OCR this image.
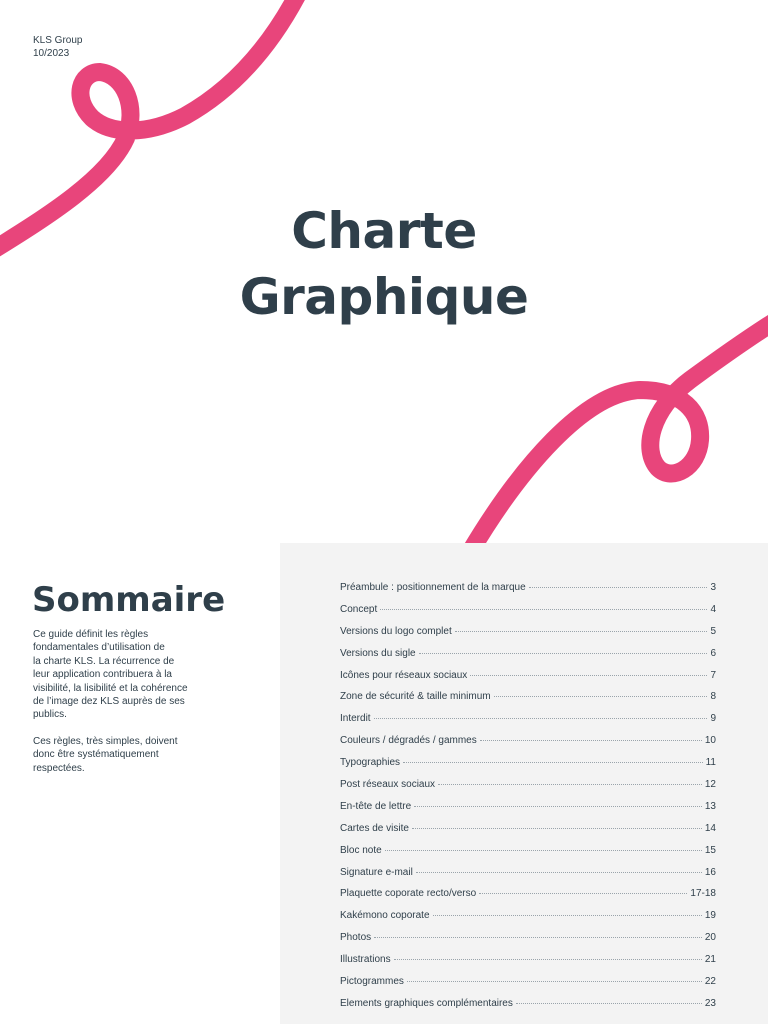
KLS Group
10/2023
Charte
Graphique
Sommaire

Ce guide définit les règles
fondamentales d’utilisation de
la charte KLS. La récurrence de
leur application contribuera à la
visibilité, la lisibilité et la cohérence
de l’image dez KLS auprès de ses
publics.

Ces règles, très simples, doivent
donc être systématiquement
respectées.

Préambule : positionnement de la marque	3
Concept	4
Versions du logo complet	5
Versions du sigle	6
Icônes pour réseaux sociaux	7
Zone de sécurité & taille minimum	8
Interdit	9
Couleurs / dégradés / gammes	10
Typographies	11
Post réseaux sociaux	12
En-tête de lettre	13
Cartes de visite	14
Bloc note	15
Signature e-mail	16
Plaquette coporate recto/verso	17-18
Kakémono coporate	19
Photos	20
Illustrations	21
Pictogrammes	22
Elements graphiques complémentaires	23
